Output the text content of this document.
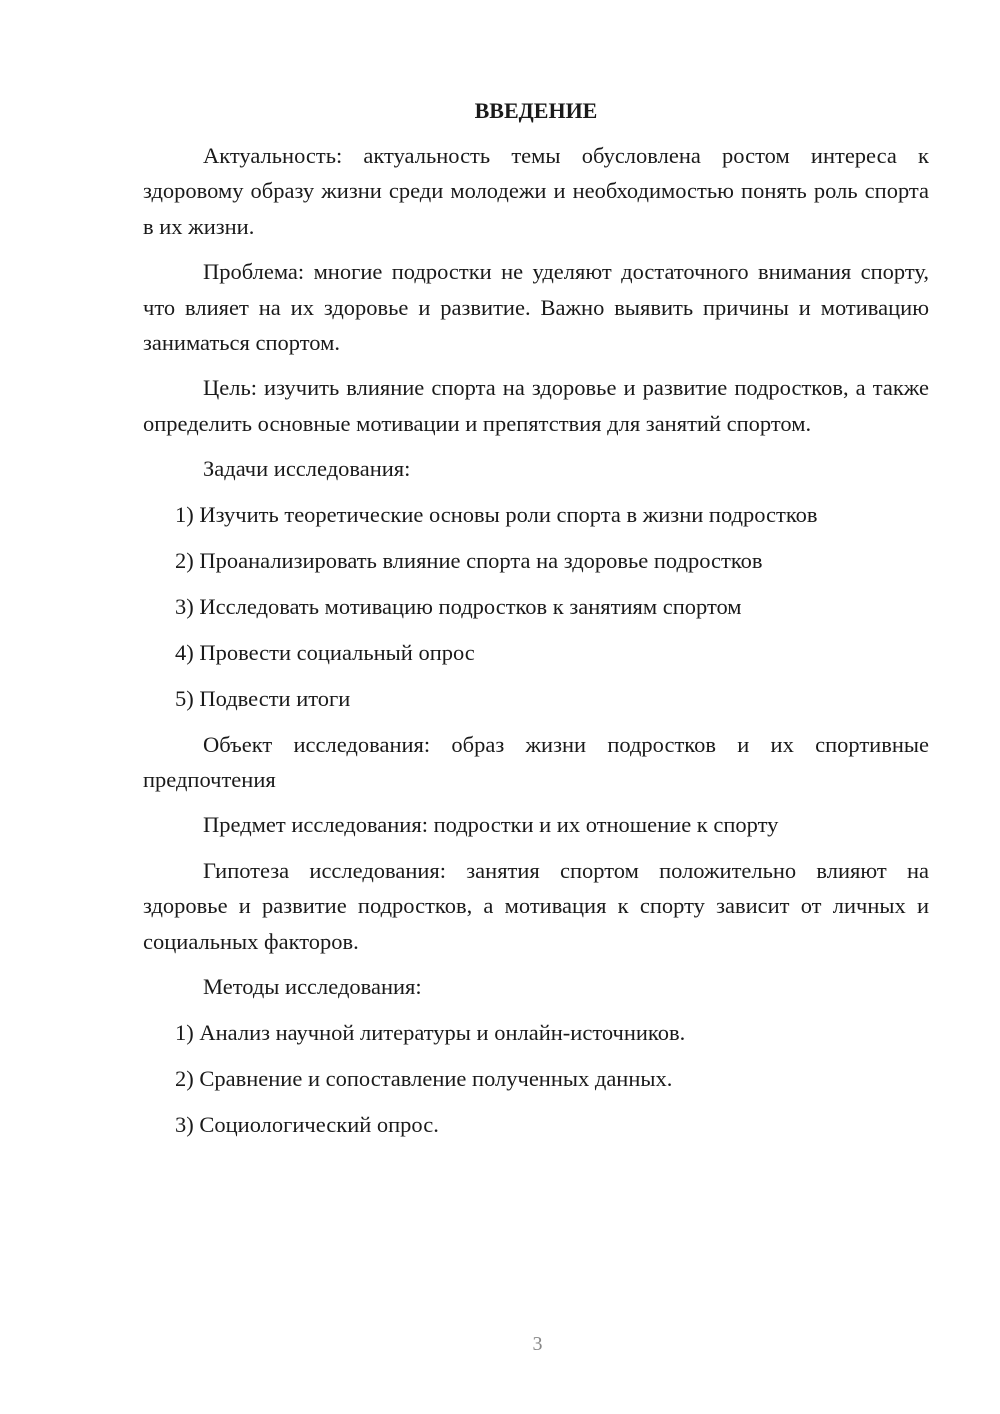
ВВЕДЕНИЕ

Актуальность: актуальность темы обусловлена ростом интереса к здоровому образу жизни среди молодежи и необходимостью понять роль спорта в их жизни.

Проблема: многие подростки не уделяют достаточного внимания спорту, что влияет на их здоровье и развитие. Важно выявить причины и мотивацию заниматься спортом.

Цель: изучить влияние спорта на здоровье и развитие подростков, а также определить основные мотивации и препятствия для занятий спортом.

Задачи исследования:

1) Изучить теоретические основы роли спорта в жизни подростков
2) Проанализировать влияние спорта на здоровье подростков
3) Исследовать мотивацию подростков к занятиям спортом
4) Провести социальный опрос
5) Подвести итоги

Объект исследования: образ жизни подростков и их спортивные предпочтения

Предмет исследования: подростки и их отношение к спорту

Гипотеза исследования: занятия спортом положительно влияют на здоровье и развитие подростков, а мотивация к спорту зависит от личных и социальных факторов.

Методы исследования:

1) Анализ научной литературы и онлайн-источников.
2) Сравнение и сопоставление полученных данных.
3) Социологический опрос.
3
